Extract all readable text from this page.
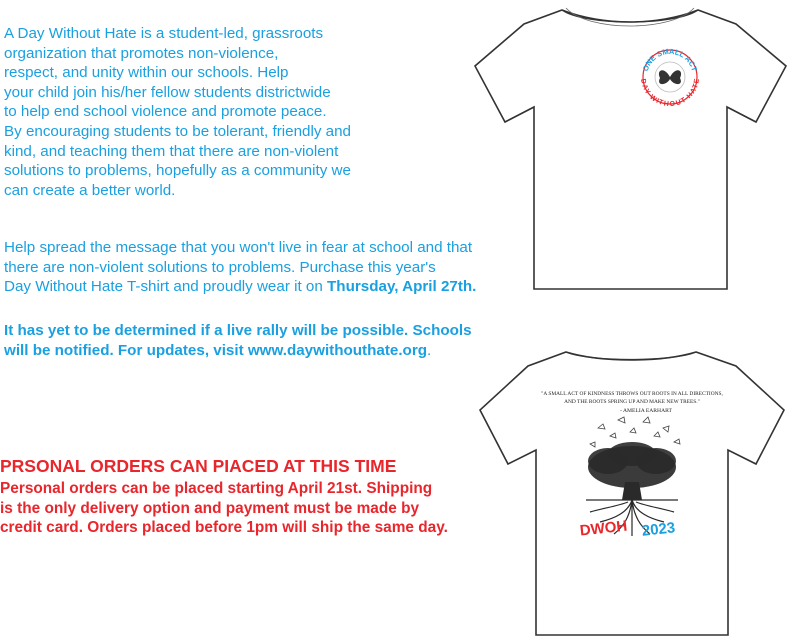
A Day Without Hate is a student-led, grassroots
organization that promotes non-violence,
respect, and unity within our schools. Help
your child join his/her fellow students districtwide
to help end school violence and promote peace.
By encouraging students to be tolerant, friendly and
kind, and teaching them that there are non-violent
solutions to problems, hopefully as a community we
can create a better world.
Help spread the message that you won't live in fear at school and that
there are non-violent solutions to problems. Purchase this year's
Day Without Hate T-shirt and proudly wear it on Thursday, April 27th.
It has yet to be determined if a live rally will be possible. Schools
will be notified. For updates, visit www.daywithouthate.org.
PRSONAL ORDERS CAN PIACED AT THIS TIME
Personal orders can be placed starting April 21st. Shipping
is the only delivery option and payment must be made by
credit card. Orders placed before 1pm will ship the same day.
ONE SMALL ACT
DAY WITHOUT HATE
"A SMALL ACT OF KINDNESS THROWS OUT ROOTS IN ALL DIRECTIONS,
AND THE ROOTS SPRING UP AND MAKE NEW TREES."
- AMELIA EARHART
DWOH 2023
